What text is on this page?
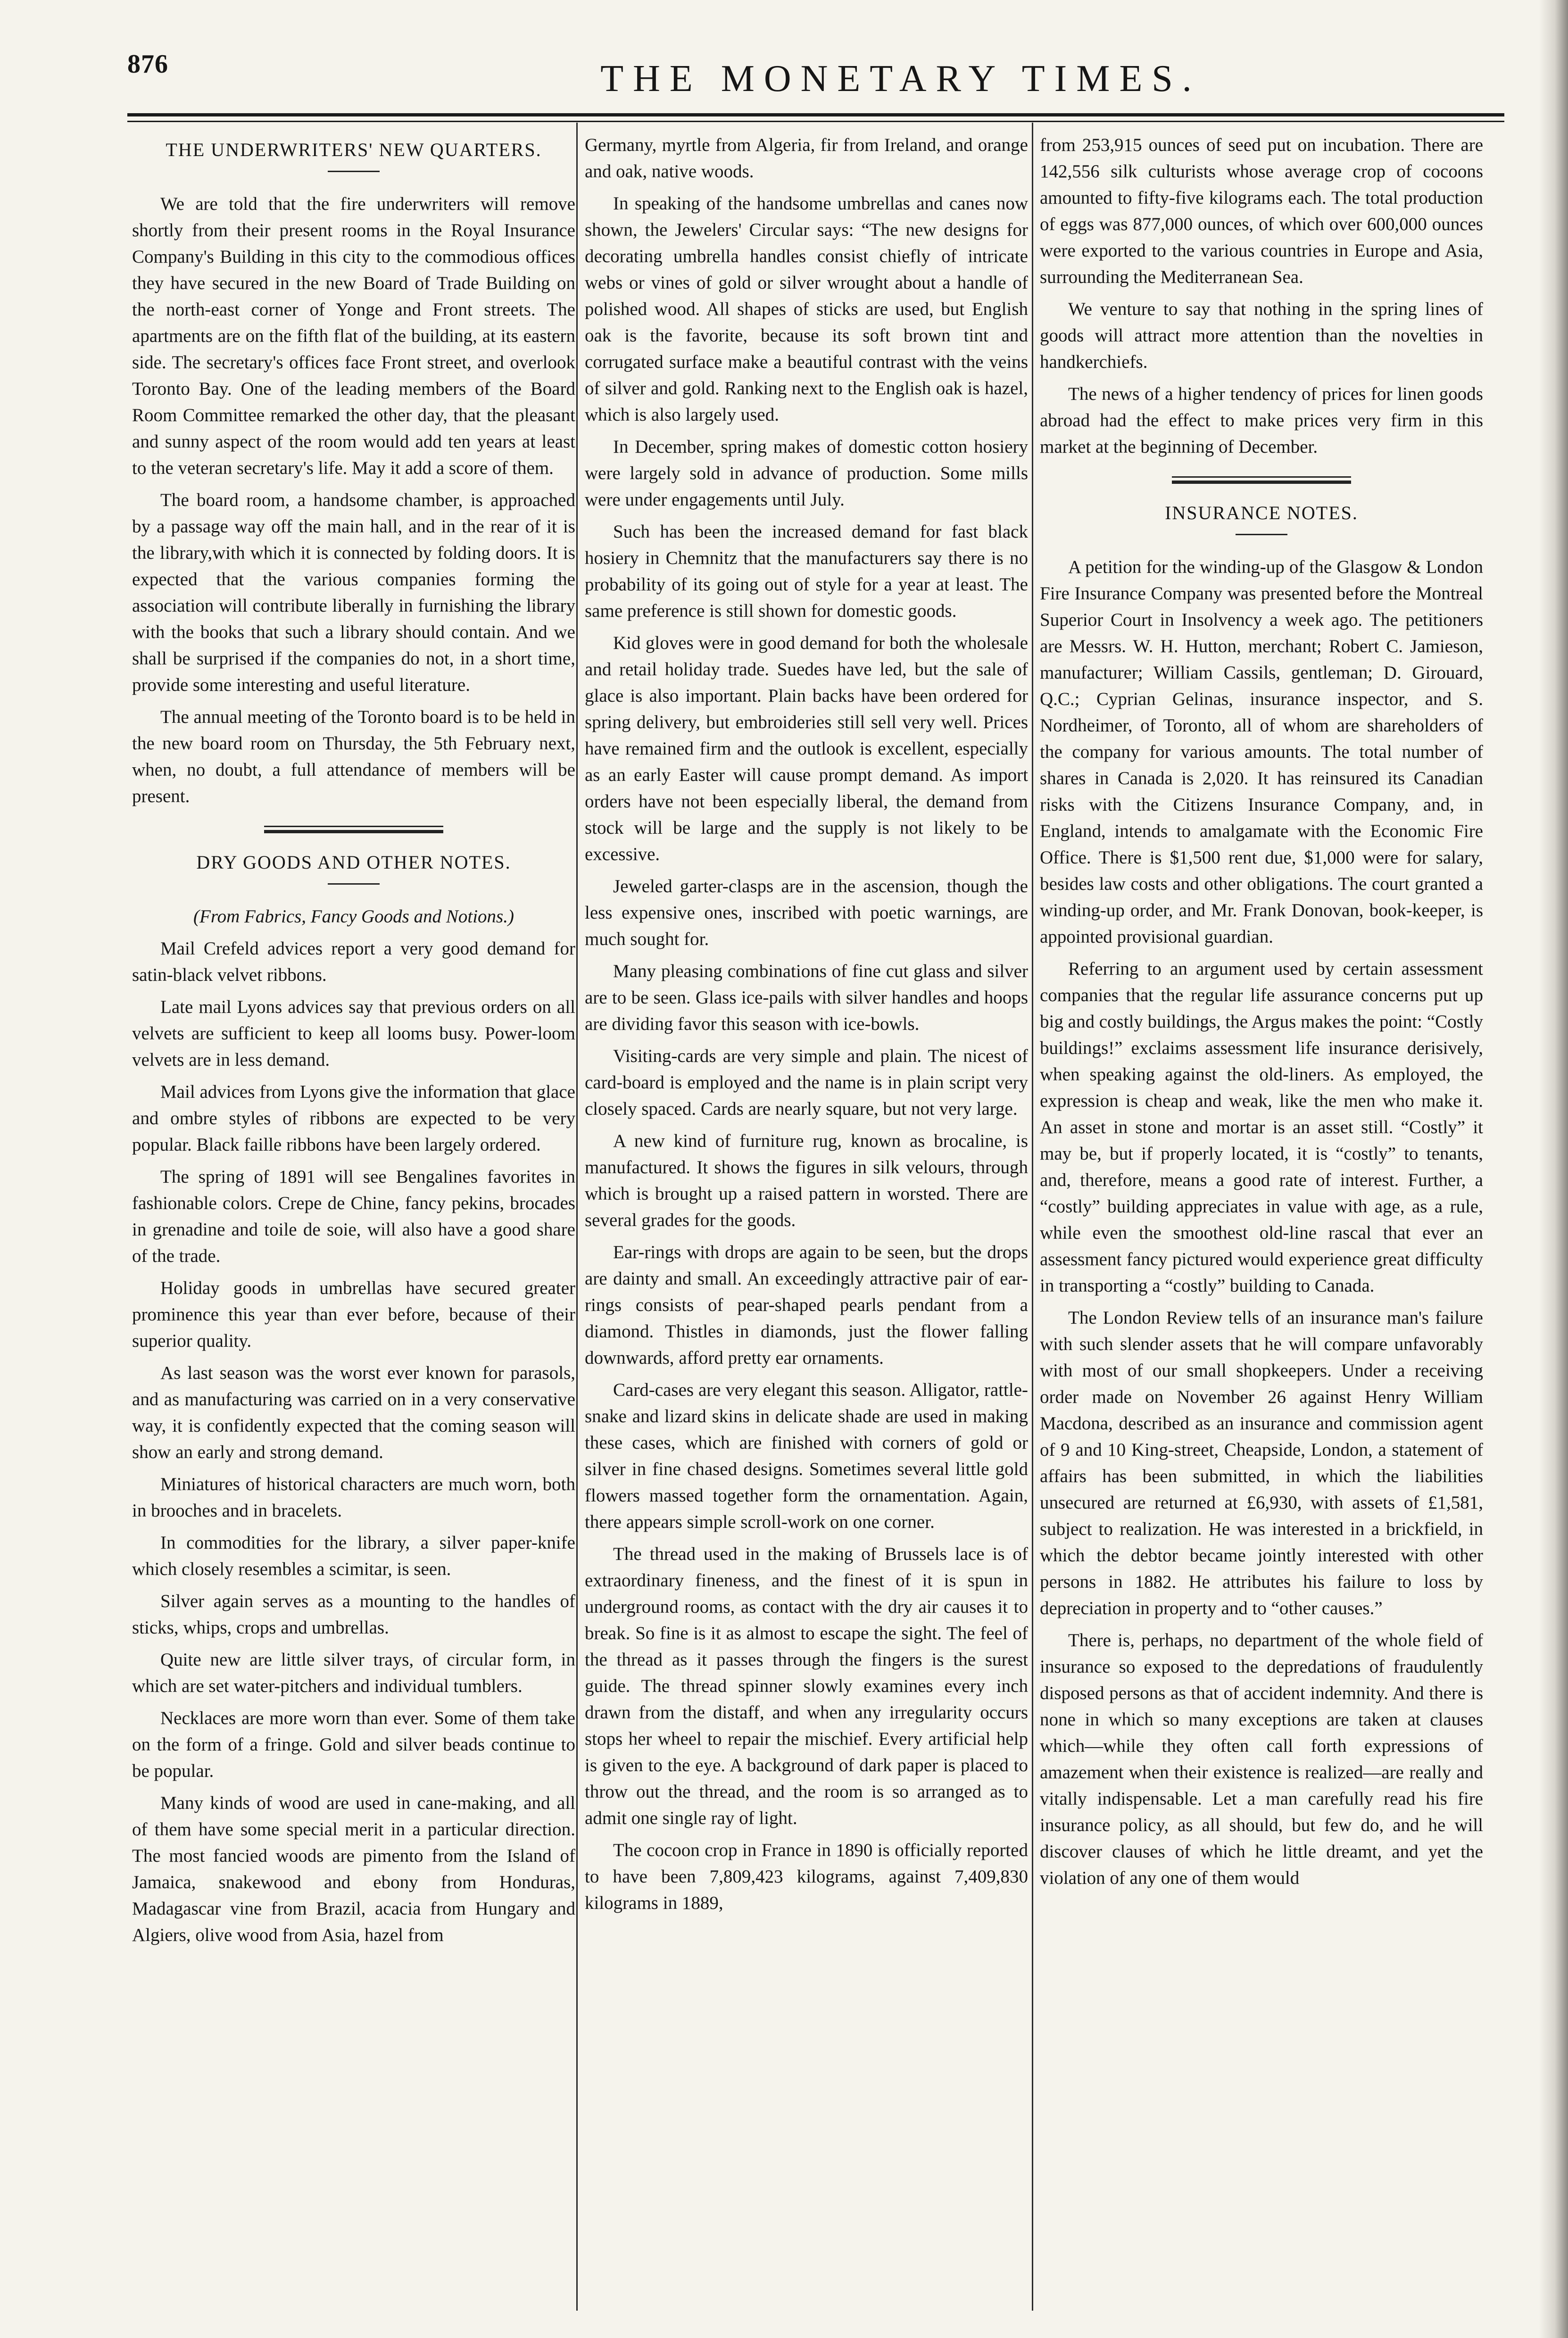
876	THE MONETARY TIMES.
THE UNDERWRITERS' NEW QUARTERS.

We are told that the fire underwriters will remove shortly from their present rooms in the Royal Insurance Company's Building in this city to the commodious offices they have secured in the new Board of Trade Building on the north-east corner of Yonge and Front streets. The apartments are on the fifth flat of the building, at its eastern side. The secretary's offices face Front street, and overlook Toronto Bay. One of the leading members of the Board Room Committee remarked the other day, that the pleasant and sunny aspect of the room would add ten years at least to the veteran secretary's life. May it add a score of them.

The board room, a handsome chamber, is approached by a passage way off the main hall, and in the rear of it is the library,with which it is connected by folding doors. It is expected that the various companies forming the association will contribute liberally in furnishing the library with the books that such a library should contain. And we shall be surprised if the companies do not, in a short time, provide some interesting and useful literature.

The annual meeting of the Toronto board is to be held in the new board room on Thursday, the 5th February next, when, no doubt, a full attendance of members will be present.

DRY GOODS AND OTHER NOTES.

(From Fabrics, Fancy Goods and Notions.)

Mail Crefeld advices report a very good demand for satin-black velvet ribbons.

Late mail Lyons advices say that previous orders on all velvets are sufficient to keep all looms busy. Power-loom velvets are in less demand.

Mail advices from Lyons give the information that glace and ombre styles of ribbons are expected to be very popular. Black faille ribbons have been largely ordered.

The spring of 1891 will see Bengalines favorites in fashionable colors. Crepe de Chine, fancy pekins, brocades in grenadine and toile de soie, will also have a good share of the trade.

Holiday goods in umbrellas have secured greater prominence this year than ever before, because of their superior quality.

As last season was the worst ever known for parasols, and as manufacturing was carried on in a very conservative way, it is confidently expected that the coming season will show an early and strong demand.

Miniatures of historical characters are much worn, both in brooches and in bracelets.

In commodities for the library, a silver paper-knife which closely resembles a scimitar, is seen.

Silver again serves as a mounting to the handles of sticks, whips, crops and umbrellas.

Quite new are little silver trays, of circular form, in which are set water-pitchers and individual tumblers.

Necklaces are more worn than ever. Some of them take on the form of a fringe. Gold and silver beads continue to be popular.

Many kinds of wood are used in cane-making, and all of them have some special merit in a particular direction. The most fancied woods are pimento from the Island of Jamaica, snakewood and ebony from Honduras, Madagascar vine from Brazil, acacia from Hungary and Algiers, olive wood from Asia, hazel from

Germany, myrtle from Algeria, fir from Ireland, and orange and oak, native woods.

In speaking of the handsome umbrellas and canes now shown, the Jewelers' Circular says: “The new designs for decorating umbrella handles consist chiefly of intricate webs or vines of gold or silver wrought about a handle of polished wood. All shapes of sticks are used, but English oak is the favorite, because its soft brown tint and corrugated surface make a beautiful contrast with the veins of silver and gold. Ranking next to the English oak is hazel, which is also largely used.

In December, spring makes of domestic cotton hosiery were largely sold in advance of production. Some mills were under engagements until July.

Such has been the increased demand for fast black hosiery in Chemnitz that the manufacturers say there is no probability of its going out of style for a year at least. The same preference is still shown for domestic goods.

Kid gloves were in good demand for both the wholesale and retail holiday trade. Suedes have led, but the sale of glace is also important. Plain backs have been ordered for spring delivery, but embroideries still sell very well. Prices have remained firm and the outlook is excellent, especially as an early Easter will cause prompt demand. As import orders have not been especially liberal, the demand from stock will be large and the supply is not likely to be excessive.

Jeweled garter-clasps are in the ascension, though the less expensive ones, inscribed with poetic warnings, are much sought for.

Many pleasing combinations of fine cut glass and silver are to be seen. Glass ice-pails with silver handles and hoops are dividing favor this season with ice-bowls.

Visiting-cards are very simple and plain. The nicest of card-board is employed and the name is in plain script very closely spaced. Cards are nearly square, but not very large.

A new kind of furniture rug, known as brocaline, is manufactured. It shows the figures in silk velours, through which is brought up a raised pattern in worsted. There are several grades for the goods.

Ear-rings with drops are again to be seen, but the drops are dainty and small. An exceedingly attractive pair of ear-rings consists of pear-shaped pearls pendant from a diamond. Thistles in diamonds, just the flower falling downwards, afford pretty ear ornaments.

Card-cases are very elegant this season. Alligator, rattle-snake and lizard skins in delicate shade are used in making these cases, which are finished with corners of gold or silver in fine chased designs. Sometimes several little gold flowers massed together form the ornamentation. Again, there appears simple scroll-work on one corner.

The thread used in the making of Brussels lace is of extraordinary fineness, and the finest of it is spun in underground rooms, as contact with the dry air causes it to break. So fine is it as almost to escape the sight. The feel of the thread as it passes through the fingers is the surest guide. The thread spinner slowly examines every inch drawn from the distaff, and when any irregularity occurs stops her wheel to repair the mischief. Every artificial help is given to the eye. A background of dark paper is placed to throw out the thread, and the room is so arranged as to admit one single ray of light.

The cocoon crop in France in 1890 is officially reported to have been 7,809,423 kilograms, against 7,409,830 kilograms in 1889,

from 253,915 ounces of seed put on incubation. There are 142,556 silk culturists whose average crop of cocoons amounted to fifty-five kilograms each. The total production of eggs was 877,000 ounces, of which over 600,000 ounces were exported to the various countries in Europe and Asia, surrounding the Mediterranean Sea.

We venture to say that nothing in the spring lines of goods will attract more attention than the novelties in handkerchiefs.

The news of a higher tendency of prices for linen goods abroad had the effect to make prices very firm in this market at the beginning of December.

INSURANCE NOTES.

A petition for the winding-up of the Glasgow & London Fire Insurance Company was presented before the Montreal Superior Court in Insolvency a week ago. The petitioners are Messrs. W. H. Hutton, merchant; Robert C. Jamieson, manufacturer; William Cassils, gentleman; D. Girouard, Q.C.; Cyprian Gelinas, insurance inspector, and S. Nordheimer, of Toronto, all of whom are shareholders of the company for various amounts. The total number of shares in Canada is 2,020. It has reinsured its Canadian risks with the Citizens Insurance Company, and, in England, intends to amalgamate with the Economic Fire Office. There is $1,500 rent due, $1,000 were for salary, besides law costs and other obligations. The court granted a winding-up order, and Mr. Frank Donovan, book-keeper, is appointed provisional guardian.

Referring to an argument used by certain assessment companies that the regular life assurance concerns put up big and costly buildings, the Argus makes the point: “Costly buildings!” exclaims assessment life insurance derisively, when speaking against the old-liners. As employed, the expression is cheap and weak, like the men who make it. An asset in stone and mortar is an asset still. “Costly” it may be, but if properly located, it is “costly” to tenants, and, therefore, means a good rate of interest. Further, a “costly” building appreciates in value with age, as a rule, while even the smoothest old-line rascal that ever an assessment fancy pictured would experience great difficulty in transporting a “costly” building to Canada.

The London Review tells of an insurance man's failure with such slender assets that he will compare unfavorably with most of our small shopkeepers. Under a receiving order made on November 26 against Henry William Macdona, described as an insurance and commission agent of 9 and 10 King-street, Cheapside, London, a statement of affairs has been submitted, in which the liabilities unsecured are returned at £6,930, with assets of £1,581, subject to realization. He was interested in a brickfield, in which the debtor became jointly interested with other persons in 1882. He attributes his failure to loss by depreciation in property and to “other causes.”

There is, perhaps, no department of the whole field of insurance so exposed to the depredations of fraudulently disposed persons as that of accident indemnity. And there is none in which so many exceptions are taken at clauses which—while they often call forth expressions of amazement when their existence is realized—are really and vitally indispensable. Let a man carefully read his fire insurance policy, as all should, but few do, and he will discover clauses of which he little dreamt, and yet the violation of any one of them would
